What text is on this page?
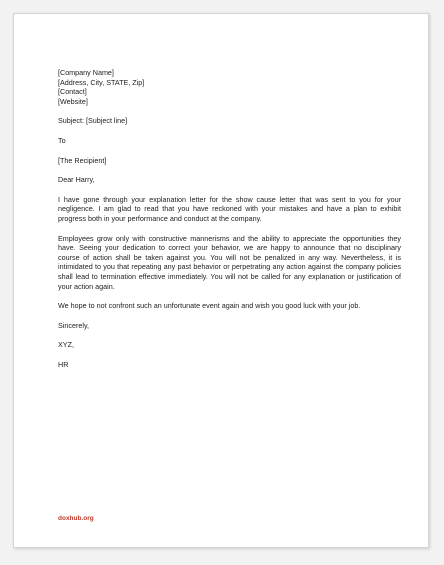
[Company Name]
[Address, City, STATE, Zip]
[Contact]
[Website]
Subject: [Subject line]
To
[The Recipient]
Dear Harry,

I have gone through your explanation letter for the show cause letter that was sent to you for your negligence. I am glad to read that you have reckoned with your mistakes and have a plan to exhibit progress both in your performance and conduct at the company.

Employees grow only with constructive mannerisms and the ability to appreciate the opportunities they have. Seeing your dedication to correct your behavior, we are happy to announce that no disciplinary course of action shall be taken against you. You will not be penalized in any way. Nevertheless, it is intimidated to you that repeating any past behavior or perpetrating any action against the company policies shall lead to termination effective immediately. You will not be called for any explanation or justification of your action again.

We hope to not confront such an unfortunate event again and wish you good luck with your job.

Sincerely,
XYZ,
HR
doxhub.org
